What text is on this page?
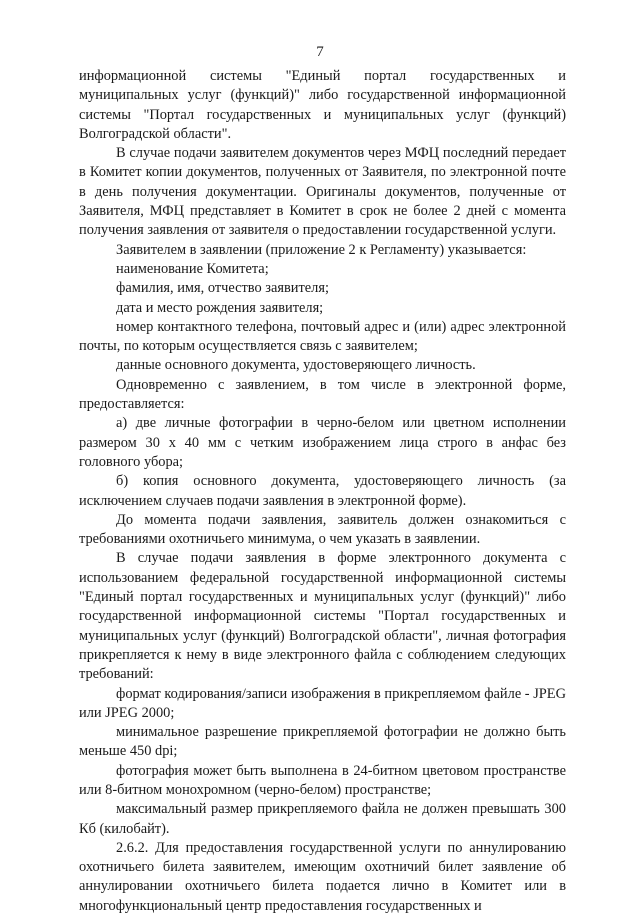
7

информационной системы "Единый портал государственных и муниципальных услуг (функций)" либо государственной информационной системы "Портал государственных и муниципальных услуг (функций) Волгоградской области".

В случае подачи заявителем документов через МФЦ последний передает в Комитет копии документов, полученных от Заявителя, по электронной почте в день получения документации. Оригиналы документов, полученные от Заявителя, МФЦ представляет в Комитет в срок не более 2 дней с момента получения заявления от заявителя о предоставлении государственной услуги.

Заявителем в заявлении (приложение 2 к Регламенту) указывается:

наименование Комитета;

фамилия, имя, отчество заявителя;

дата и место рождения заявителя;

номер контактного телефона, почтовый адрес и (или) адрес электронной почты, по которым осуществляется связь с заявителем;

данные основного документа, удостоверяющего личность.

Одновременно с заявлением, в том числе в электронной форме, предоставляется:

а) две личные фотографии в черно-белом или цветном исполнении размером 30 х 40 мм с четким изображением лица строго в анфас без головного убора;

б) копия основного документа, удостоверяющего личность (за исключением случаев подачи заявления в электронной форме).

До момента подачи заявления, заявитель должен ознакомиться с требованиями охотничьего минимума, о чем указать в заявлении.

В случае подачи заявления в форме электронного документа с использованием федеральной государственной информационной системы "Единый портал государственных и муниципальных услуг (функций)" либо государственной информационной системы "Портал государственных и муниципальных услуг (функций) Волгоградской области", личная фотография прикрепляется к нему в виде электронного файла с соблюдением следующих требований:

формат кодирования/записи изображения в прикрепляемом файле - JPEG или JPEG 2000;

минимальное разрешение прикрепляемой фотографии не должно быть меньше 450 dpi;

фотография может быть выполнена в 24-битном цветовом пространстве или 8-битном монохромном (черно-белом) пространстве;

максимальный размер прикрепляемого файла не должен превышать 300 Кб (килобайт).

2.6.2. Для предоставления государственной услуги по аннулированию охотничьего билета заявителем, имеющим охотничий билет заявление об аннулировании охотничьего билета подается лично в Комитет или в многофункциональный центр предоставления государственных и
